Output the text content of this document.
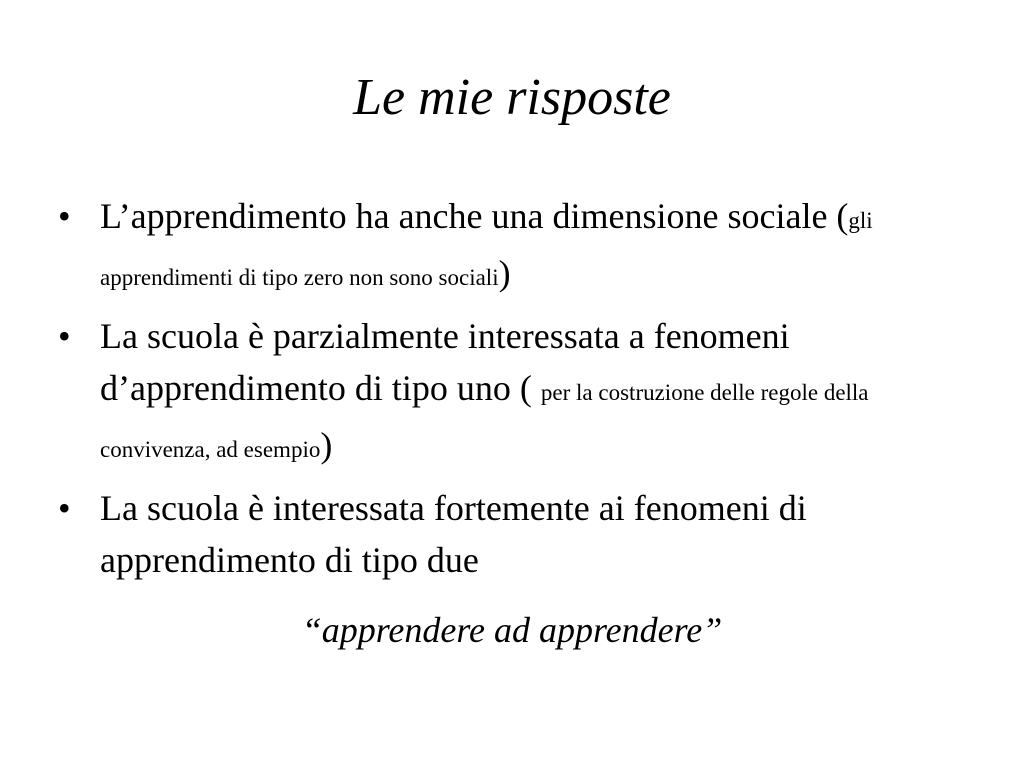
Le mie risposte
• L’apprendimento ha anche una dimensione sociale (gli apprendimenti di tipo zero non sono sociali)
• La scuola è parzialmente interessata a fenomeni d’apprendimento di tipo uno ( per la costruzione delle regole della convivenza, ad esempio)
• La scuola è interessata fortemente ai fenomeni di apprendimento di tipo due
“apprendere ad apprendere”
